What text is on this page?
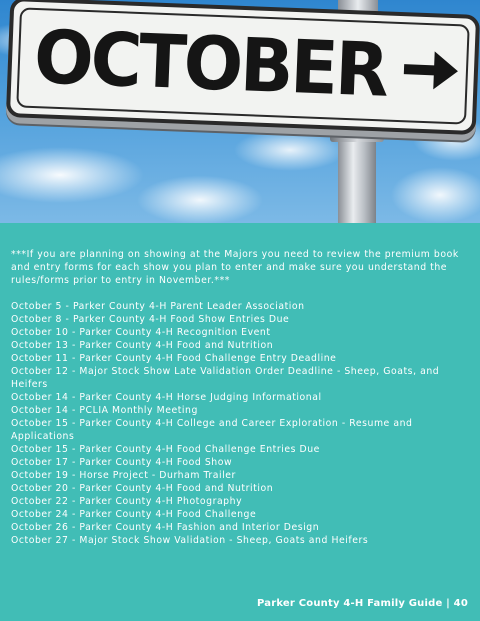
OCTOBER

***If you are planning on showing at the Majors you need to review the premium book and entry forms for each show you plan to enter and make sure you understand the rules/forms prior to entry in November.***

October 5 - Parker County 4-H Parent Leader Association
October 8 - Parker County 4-H Food Show Entries Due
October 10 - Parker County 4-H Recognition Event
October 13 - Parker County 4-H Food and Nutrition
October 11 - Parker County 4-H Food Challenge Entry Deadline
October 12 - Major Stock Show Late Validation Order Deadline - Sheep, Goats, and Heifers
October 14 - Parker County 4-H Horse Judging Informational
October 14 - PCLIA Monthly Meeting
October 15 - Parker County 4-H College and Career Exploration - Resume and Applications
October 15 - Parker County 4-H Food Challenge Entries Due
October 17 - Parker County 4-H Food Show
October 19 - Horse Project - Durham Trailer
October 20 - Parker County 4-H Food and Nutrition
October 22 - Parker County 4-H Photography
October 24 - Parker County 4-H Food Challenge
October 26 - Parker County 4-H Fashion and Interior Design
October 27 - Major Stock Show Validation - Sheep, Goats and Heifers
Parker County 4-H Family Guide | 40
